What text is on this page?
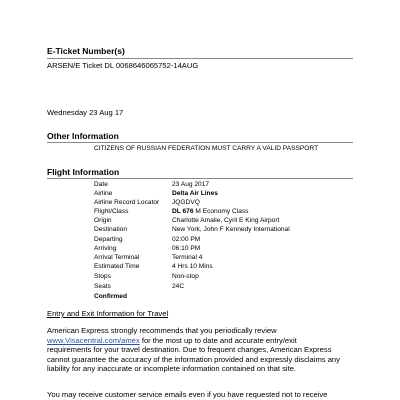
E-Ticket Number(s)
ARSEN/E Ticket DL 0068646065752-14AUG
Wednesday 23 Aug 17
Other Information
CITIZENS OF RUSSIAN FEDERATION MUST CARRY A VALID PASSPORT
Flight Information
Date	23 Aug 2017
Airline	Delta Air Lines
Airline Record Locator JQGDVQ
Flight/Class	DL 676 M Economy Class
Origin	Charlotte Amalie, Cyril E King Airport
Destination	New York, John F Kennedy International
Departing	02:00 PM
Arriving	06:10 PM
Arrival Terminal	Terminal 4
Estimated Time	4 Hrs 10 Mins
Stops	Non-stop
Seats	24C
Confirmed
Entry and Exit Information for Travel
American Express strongly recommends that you periodically review
www.Visacentral.com/amex for the most up to date and accurate entry/exit
requirements for your travel destination. Due to frequent changes, American Express
cannot guarantee the accuracy of the information provided and expressly disclaims any
liability for any inaccurate or incomplete information contained on that site.
You may receive customer service emails even if you have requested not to receive
